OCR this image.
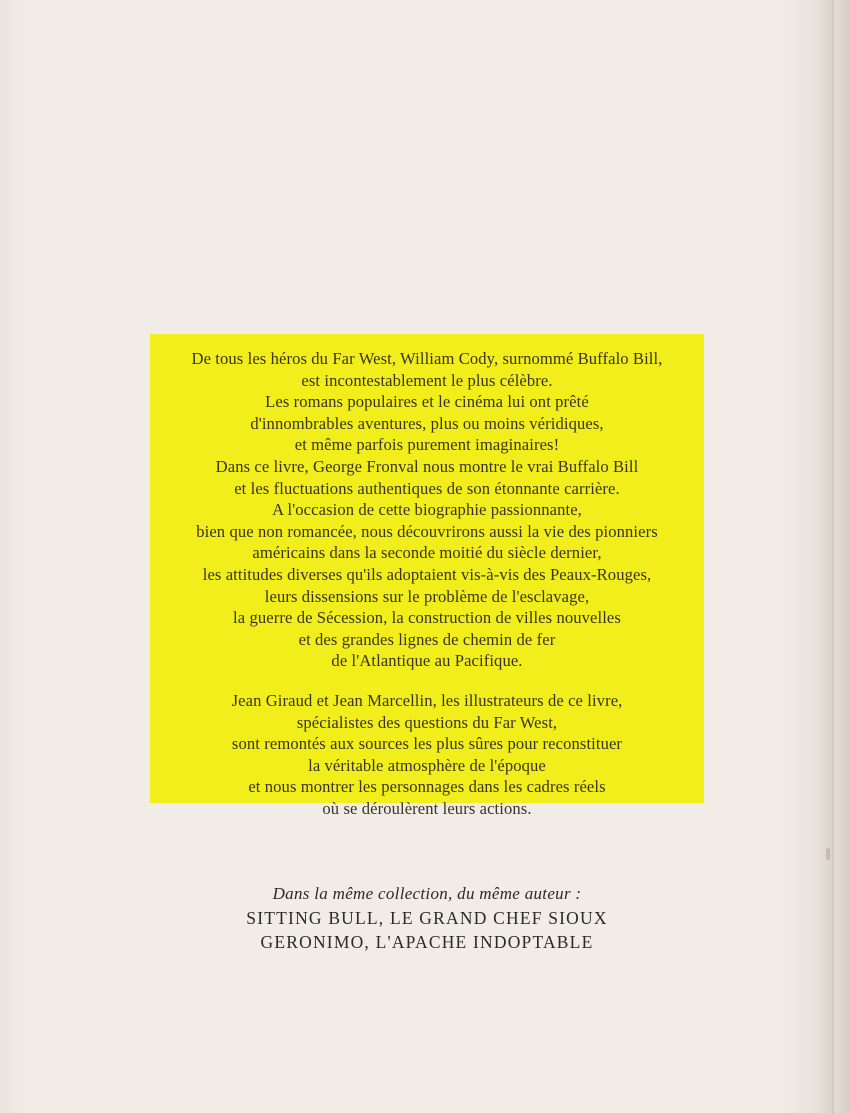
De tous les héros du Far West, William Cody, surnommé Buffalo Bill,
est incontestablement le plus célèbre.
Les romans populaires et le cinéma lui ont prêté
d'innombrables aventures, plus ou moins véridiques,
et même parfois purement imaginaires!
Dans ce livre, George Fronval nous montre le vrai Buffalo Bill
et les fluctuations authentiques de son étonnante carrière.
A l'occasion de cette biographie passionnante,
bien que non romancée, nous découvrirons aussi la vie des pionniers
américains dans la seconde moitié du siècle dernier,
les attitudes diverses qu'ils adoptaient vis-à-vis des Peaux-Rouges,
leurs dissensions sur le problème de l'esclavage,
la guerre de Sécession, la construction de villes nouvelles
et des grandes lignes de chemin de fer
de l'Atlantique au Pacifique.

Jean Giraud et Jean Marcellin, les illustrateurs de ce livre,
spécialistes des questions du Far West,
sont remontés aux sources les plus sûres pour reconstituer
la véritable atmosphère de l'époque
et nous montrer les personnages dans les cadres réels
où se déroulèrent leurs actions.

Dans la même collection, du même auteur :
SITTING BULL, LE GRAND CHEF SIOUX
GERONIMO, L'APACHE INDOPTABLE
